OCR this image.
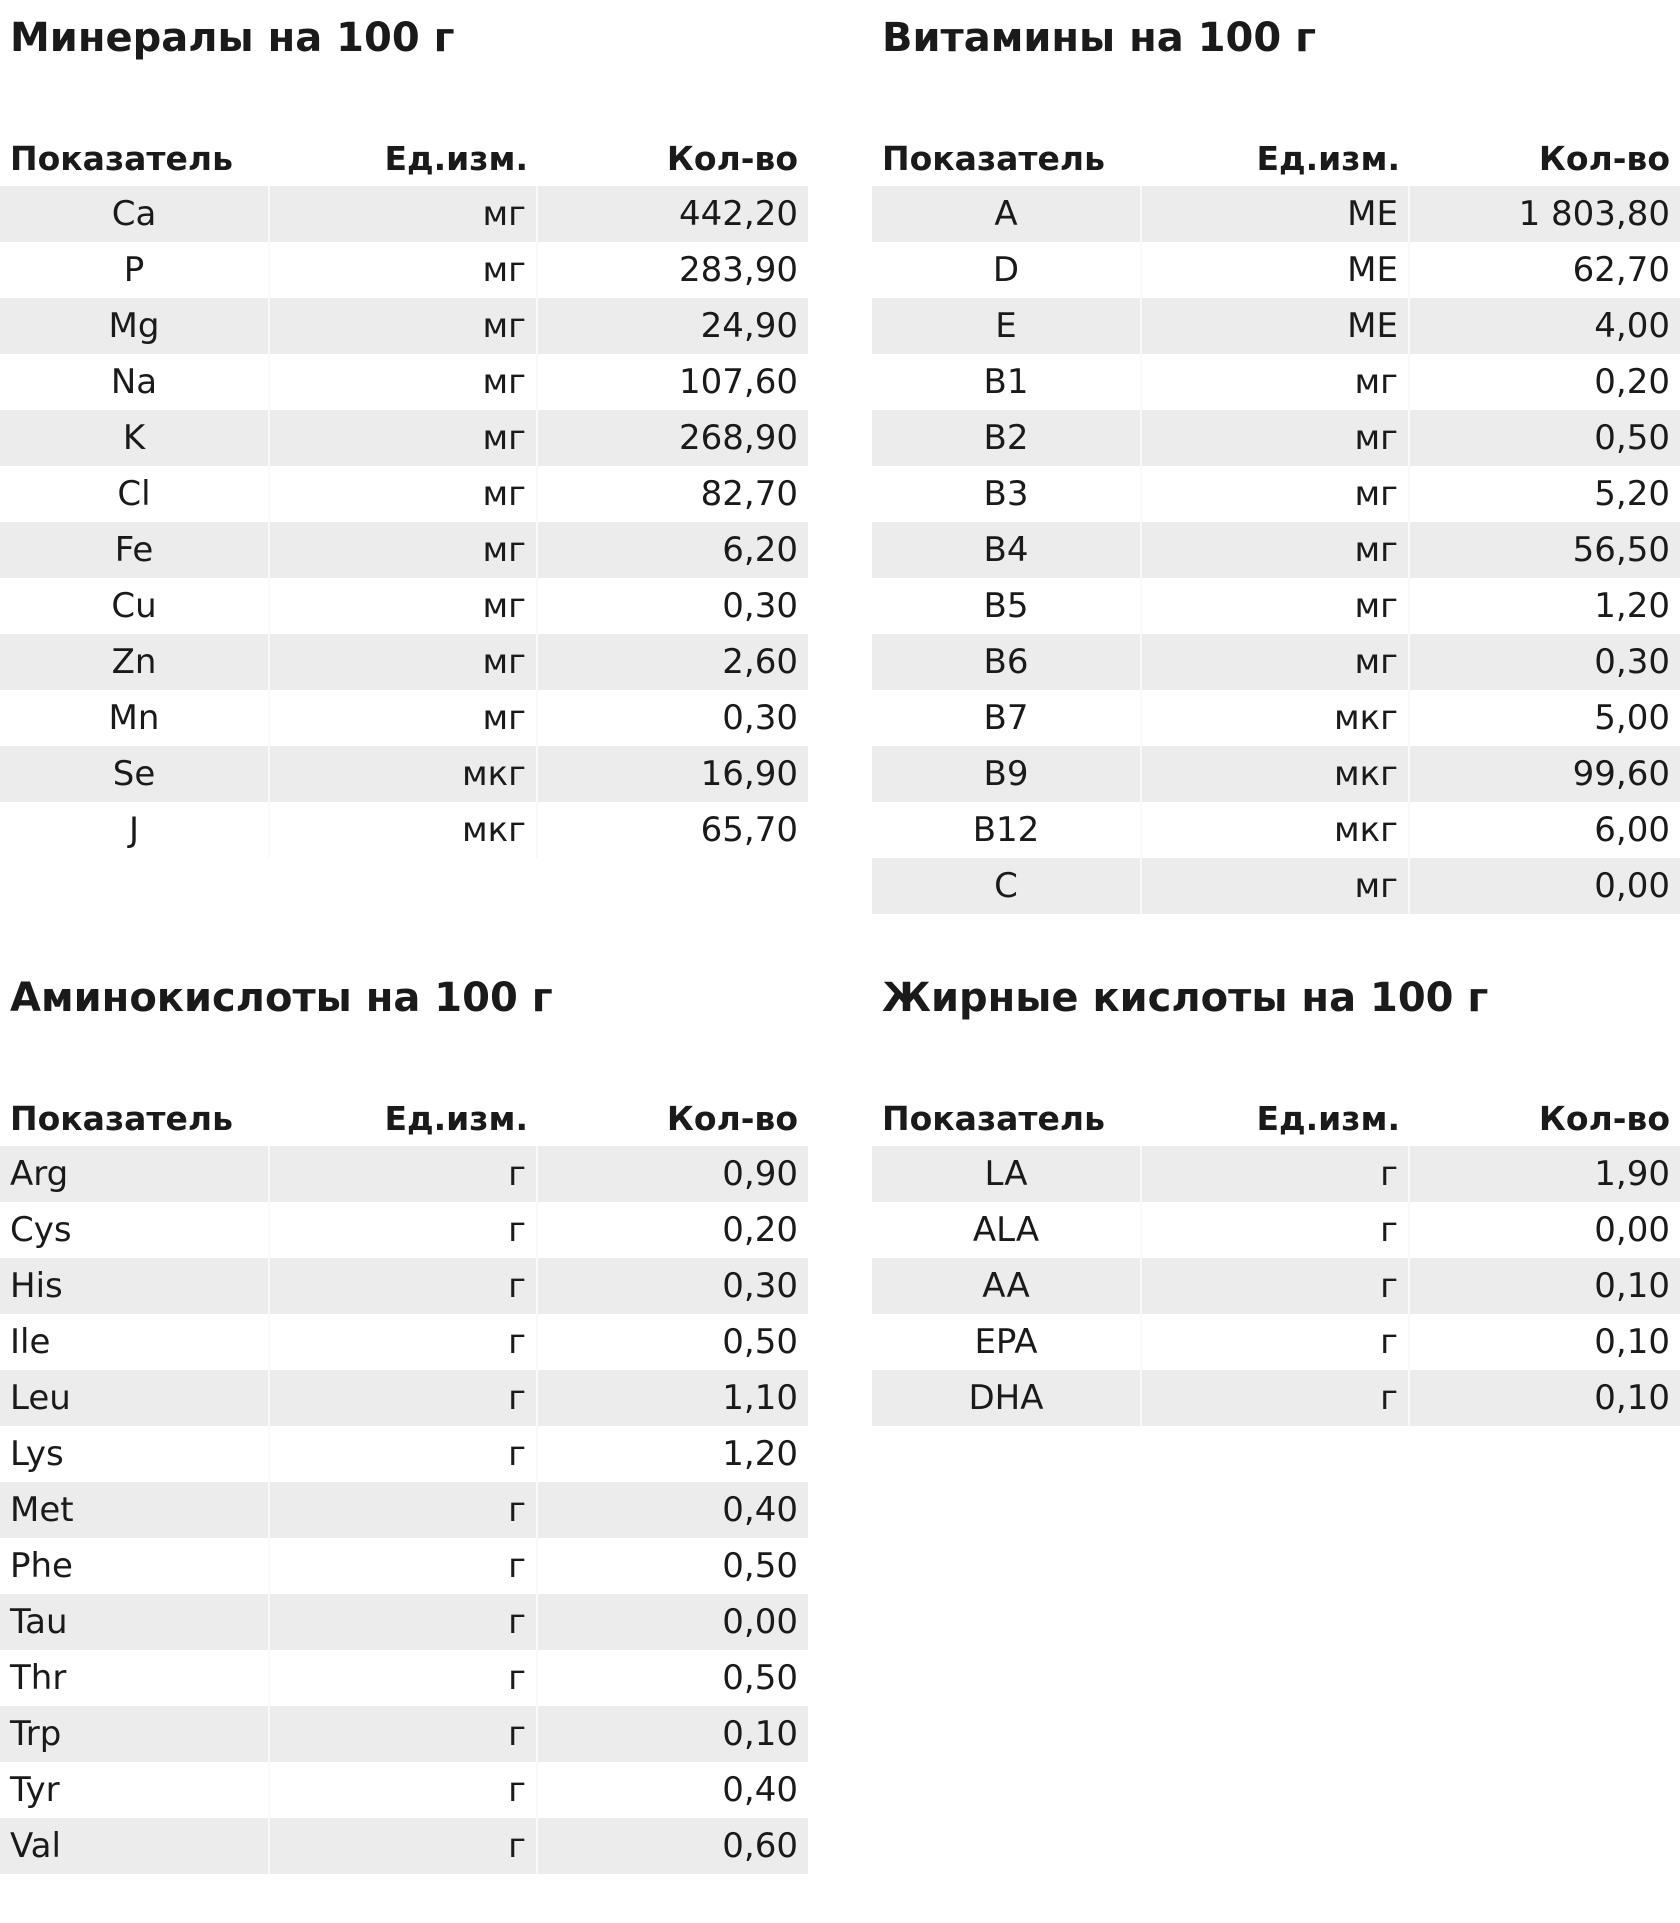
Минералы на 100 г
Показатель	Ед.изм.	Кол-во
Ca	мг	442,20
P	мг	283,90
Mg	мг	24,90
Na	мг	107,60
K	мг	268,90
Cl	мг	82,70
Fe	мг	6,20
Cu	мг	0,30
Zn	мг	2,60
Mn	мг	0,30
Se	мкг	16,90
J	мкг	65,70
Витамины на 100 г
Показатель	Ед.изм.	Кол-во
A	МЕ	1 803,80
D	МЕ	62,70
E	МЕ	4,00
B1	мг	0,20
B2	мг	0,50
B3	мг	5,20
B4	мг	56,50
B5	мг	1,20
B6	мг	0,30
B7	мкг	5,00
B9	мкг	99,60
B12	мкг	6,00
C	мг	0,00
Аминокислоты на 100 г
Показатель	Ед.изм.	Кол-во
Arg	г	0,90
Cys	г	0,20
His	г	0,30
Ile	г	0,50
Leu	г	1,10
Lys	г	1,20
Met	г	0,40
Phe	г	0,50
Tau	г	0,00
Thr	г	0,50
Trp	г	0,10
Tyr	г	0,40
Val	г	0,60
Жирные кислоты на 100 г
Показатель	Ед.изм.	Кол-во
LA	г	1,90
ALA	г	0,00
AA	г	0,10
EPA	г	0,10
DHA	г	0,10
